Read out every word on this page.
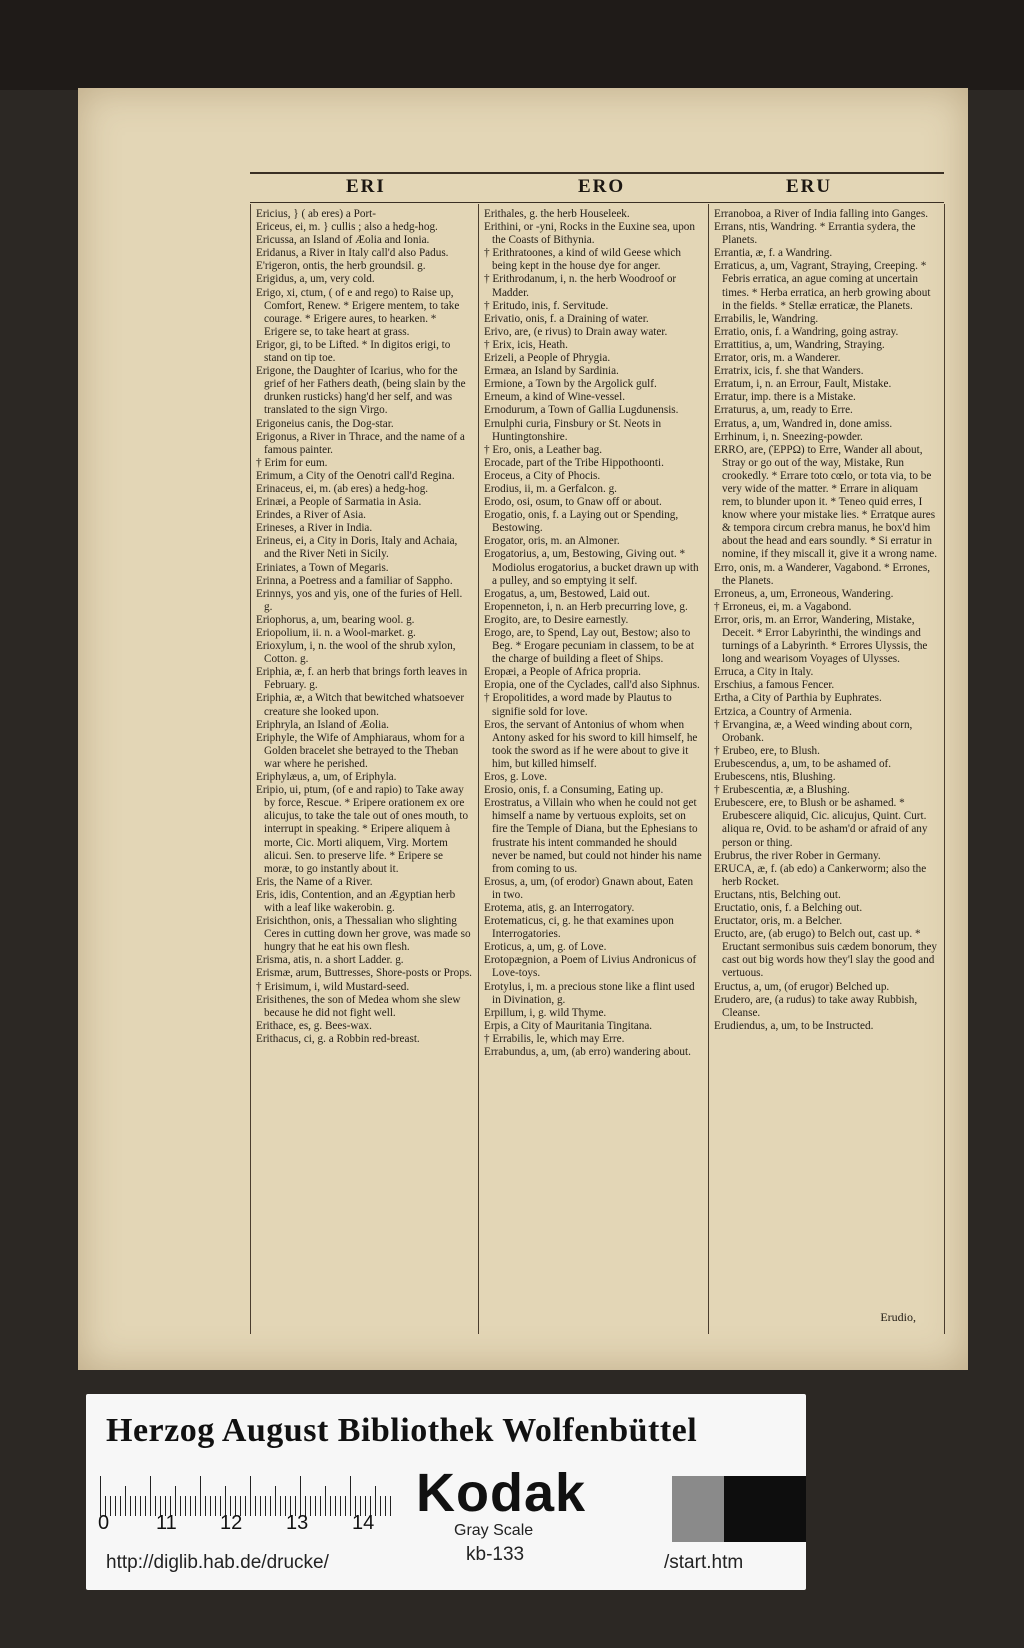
ERI	ERO	ERU

Ericius, } ( ab eres) a Port-

Ericeus, ei, m. } cullis ; also a hedg-hog.

Ericussa, an Island of Æolia and Ionia.

Eridanus, a River in Italy call'd also Padus.

E'rigeron, ontis, the herb groundsil. g.

Erigidus, a, um, very cold.

Erigo, xi, ctum, ( of e and rego) to Raise up, Comfort, Renew. * Erigere mentem, to take courage. * Erigere aures, to hearken. * Erigere se, to take heart at grass.

Erigor, gi, to be Lifted. * In digitos erigi, to stand on tip toe.

Erigone, the Daughter of Icarius, who for the grief of her Fathers death, (being slain by the drunken rusticks) hang'd her self, and was translated to the sign Virgo.

Erigoneius canis, the Dog-star.

Erigonus, a River in Thrace, and the name of a famous painter.

† Erim for eum.

Erimum, a City of the Oenotri call'd Regina.

Erinaceus, ei, m. (ab eres) a hedg-hog.

Erinæi, a People of Sarmatia in Asia.

Erindes, a River of Asia.

Erineses, a River in India.

Erineus, ei, a City in Doris, Italy and Achaia, and the River Neti in Sicily.

Eriniates, a Town of Megaris.

Erinna, a Poetress and a familiar of Sappho.

Erinnys, yos and yis, one of the furies of Hell. g.

Eriophorus, a, um, bearing wool. g.

Eriopolium, ii. n. a Wool-market. g.

Erioxylum, i, n. the wool of the shrub xylon, Cotton. g.

Eriphia, æ, f. an herb that brings forth leaves in February. g.

Eriphia, æ, a Witch that bewitched whatsoever creature she looked upon.

Eriphryla, an Island of Æolia.

Eriphyle, the Wife of Amphiaraus, whom for a Golden bracelet she betrayed to the Theban war where he perished.

Eriphylæus, a, um, of Eriphyla.

Eripio, ui, ptum, (of e and rapio) to Take away by force, Rescue. * Eripere orationem ex ore alicujus, to take the tale out of ones mouth, to interrupt in speaking. * Eripere aliquem à morte, Cic. Morti aliquem, Virg. Mortem alicui. Sen. to preserve life. * Eripere se moræ, to go instantly about it.

Eris, the Name of a River.

Eris, idis, Contention, and an Ægyptian herb with a leaf like wakerobin. g.

Erisichthon, onis, a Thessalian who slighting Ceres in cutting down her grove, was made so hungry that he eat his own flesh.

Erisma, atis, n. a short Ladder. g.

Erismæ, arum, Buttresses, Shore-posts or Props.

† Erisimum, i, wild Mustard-seed.

Erisithenes, the son of Medea whom she slew because he did not fight well.

Erithace, es, g. Bees-wax.

Erithacus, ci, g. a Robbin red-breast.

Erithales, g. the herb Houseleek.

Erithini, or -yni, Rocks in the Euxine sea, upon the Coasts of Bithynia.

† Erithratoones, a kind of wild Geese which being kept in the house dye for anger.

† Erithrodanum, i, n. the herb Woodroof or Madder.

† Eritudo, inis, f. Servitude.

Erivatio, onis, f. a Draining of water.

Erivo, are, (e rivus) to Drain away water.

† Erix, icis, Heath.

Erizeli, a People of Phrygia.

Ermæa, an Island by Sardinia.

Ermione, a Town by the Argolick gulf.

Erneum, a kind of Wine-vessel.

Ernodurum, a Town of Gallia Lugdunensis.

Ernulphi curia, Finsbury or St. Neots in Huntingtonshire.

† Ero, onis, a Leather bag.

Erocade, part of the Tribe Hippothoonti.

Eroceus, a City of Phocis.

Erodius, ii, m. a Gerfalcon. g.

Erodo, osi, osum, to Gnaw off or about.

Erogatio, onis, f. a Laying out or Spending, Bestowing.

Erogator, oris, m. an Almoner.

Erogatorius, a, um, Bestowing, Giving out. * Modiolus erogatorius, a bucket drawn up with a pulley, and so emptying it self.

Erogatus, a, um, Bestowed, Laid out.

Eropenneton, i, n. an Herb precurring love, g.

Erogito, are, to Desire earnestly.

Erogo, are, to Spend, Lay out, Bestow; also to Beg. * Erogare pecuniam in classem, to be at the charge of building a fleet of Ships.

Eropæi, a People of Africa propria.

Eropia, one of the Cyclades, call'd also Siphnus.

† Eropolitides, a word made by Plautus to signifie sold for love.

Eros, the servant of Antonius of whom when Antony asked for his sword to kill himself, he took the sword as if he were about to give it him, but killed himself.

Eros, g. Love.

Erosio, onis, f. a Consuming, Eating up.

Erostratus, a Villain who when he could not get himself a name by vertuous exploits, set on fire the Temple of Diana, but the Ephesians to frustrate his intent commanded he should never be named, but could not hinder his name from coming to us.

Erosus, a, um, (of erodor) Gnawn about, Eaten in two.

Erotema, atis, g. an Interrogatory.

Erotematicus, ci, g. he that examines upon Interrogatories.

Eroticus, a, um, g. of Love.

Erotopægnion, a Poem of Livius Andronicus of Love-toys.

Erotylus, i, m. a precious stone like a flint used in Divination, g.

Erpillum, i, g. wild Thyme.

Erpis, a City of Mauritania Tingitana.

† Errabilis, le, which may Erre.

Errabundus, a, um, (ab erro) wandering about.

Erranoboa, a River of India falling into Ganges.

Errans, ntis, Wandring. * Errantia sydera, the Planets.

Errantia, æ, f. a Wandring.

Erraticus, a, um, Vagrant, Straying, Creeping. * Febris erratica, an ague coming at uncertain times. * Herba erratica, an herb growing about in the fields. * Stellæ erraticæ, the Planets.

Errabilis, le, Wandring.

Erratio, onis, f. a Wandring, going astray.

Errattitius, a, um, Wandring, Straying.

Errator, oris, m. a Wanderer.

Erratrix, icis, f. she that Wanders.

Erratum, i, n. an Errour, Fault, Mistake.

Erratur, imp. there is a Mistake.

Erraturus, a, um, ready to Erre.

Erratus, a, um, Wandred in, done amiss.

Errhinum, i, n. Sneezing-powder.

ERRO, are, (ΈΡΡΩ) to Erre, Wander all about, Stray or go out of the way, Mistake, Run crookedly. * Errare toto cœlo, or tota via, to be very wide of the matter. * Errare in aliquam rem, to blunder upon it. * Teneo quid erres, I know where your mistake lies. * Erratque aures & tempora circum crebra manus, he box'd him about the head and ears soundly. * Si erratur in nomine, if they miscall it, give it a wrong name.

Erro, onis, m. a Wanderer, Vagabond. * Errones, the Planets.

Erroneus, a, um, Erroneous, Wandering.

† Erroneus, ei, m. a Vagabond.

Error, oris, m. an Error, Wandering, Mistake, Deceit. * Error Labyrinthi, the windings and turnings of a Labyrinth. * Errores Ulyssis, the long and wearisom Voyages of Ulysses.

Erruca, a City in Italy.

Erschius, a famous Fencer.

Ertha, a City of Parthia by Euphrates.

Ertzica, a Country of Armenia.

† Ervangina, æ, a Weed winding about corn, Orobank.

† Erubeo, ere, to Blush.

Erubescendus, a, um, to be ashamed of.

Erubescens, ntis, Blushing.

† Erubescentia, æ, a Blushing.

Erubescere, ere, to Blush or be ashamed. * Erubescere aliquid, Cic. alicujus, Quint. Curt. aliqua re, Ovid. to be asham'd or afraid of any person or thing.

Erubrus, the river Rober in Germany.

ERUCA, æ, f. (ab edo) a Cankerworm; also the herb Rocket.

Eructans, ntis, Belching out.

Eructatio, onis, f. a Belching out.

Eructator, oris, m. a Belcher.

Eructo, are, (ab erugo) to Belch out, cast up. * Eructant sermonibus suis cædem bonorum, they cast out big words how they'l slay the good and vertuous.

Eructus, a, um, (of erugor) Belched up.

Erudero, are, (a rudus) to take away Rubbish, Cleanse.

Erudiendus, a, um, to be Instructed.

Erudio,
Herzog August Bibliothek Wolfenbüttel
0 11 12 13 14 Kodak
Gray Scale
http://diglib.hab.de/drucke/	kb-133	/start.htm
